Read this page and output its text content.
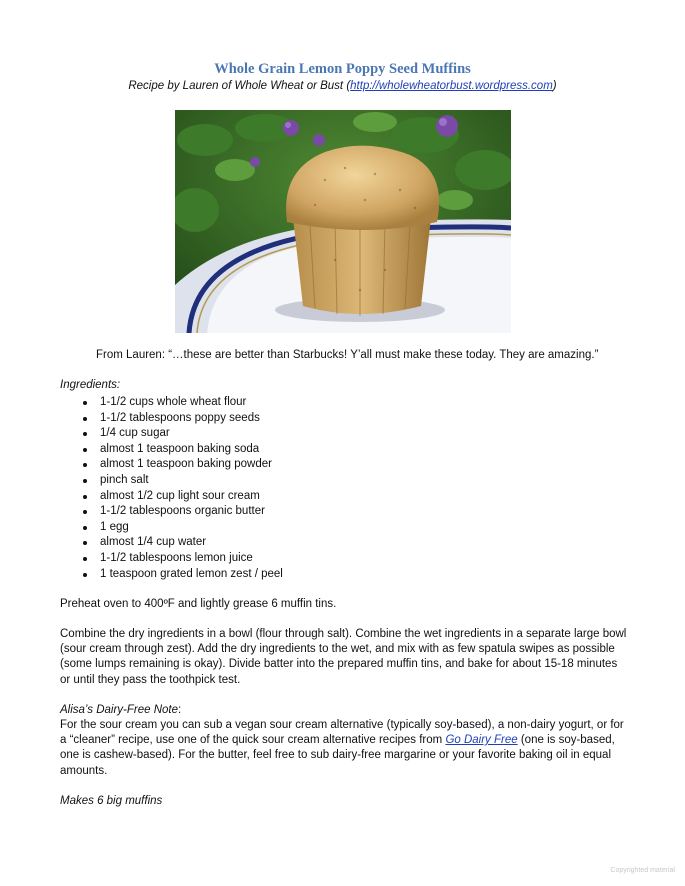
Whole Grain Lemon Poppy Seed Muffins
Recipe by Lauren of Whole Wheat or Bust (http://wholewheatorbust.wordpress.com)
From Lauren: “…these are better than Starbucks! Y’all must make these today. They are amazing.”
Ingredients:
1-1/2 cups whole wheat flour
1-1/2 tablespoons poppy seeds
1/4 cup sugar
almost 1 teaspoon baking soda
almost 1 teaspoon baking powder
pinch salt
almost 1/2 cup light sour cream
1-1/2 tablespoons organic butter
1 egg
almost 1/4 cup water
1-1/2 tablespoons lemon juice
1 teaspoon grated lemon zest / peel

Preheat oven to 400ºF and lightly grease 6 muffin tins.

Combine the dry ingredients in a bowl (flour through salt). Combine the wet ingredients in a separate large bowl (sour cream through zest). Add the dry ingredients to the wet, and mix with as few spatula swipes as possible (some lumps remaining is okay). Divide batter into the prepared muffin tins, and bake for about 15-18 minutes or until they pass the toothpick test.

Alisa’s Dairy-Free Note:

For the sour cream you can sub a vegan sour cream alternative (typically soy-based), a non-dairy yogurt, or for a “cleaner” recipe, use one of the quick sour cream alternative recipes from Go Dairy Free (one is soy-based, one is cashew-based). For the butter, feel free to sub dairy-free margarine or your favorite baking oil in equal amounts.

Makes 6 big muffins

Copyrighted material
